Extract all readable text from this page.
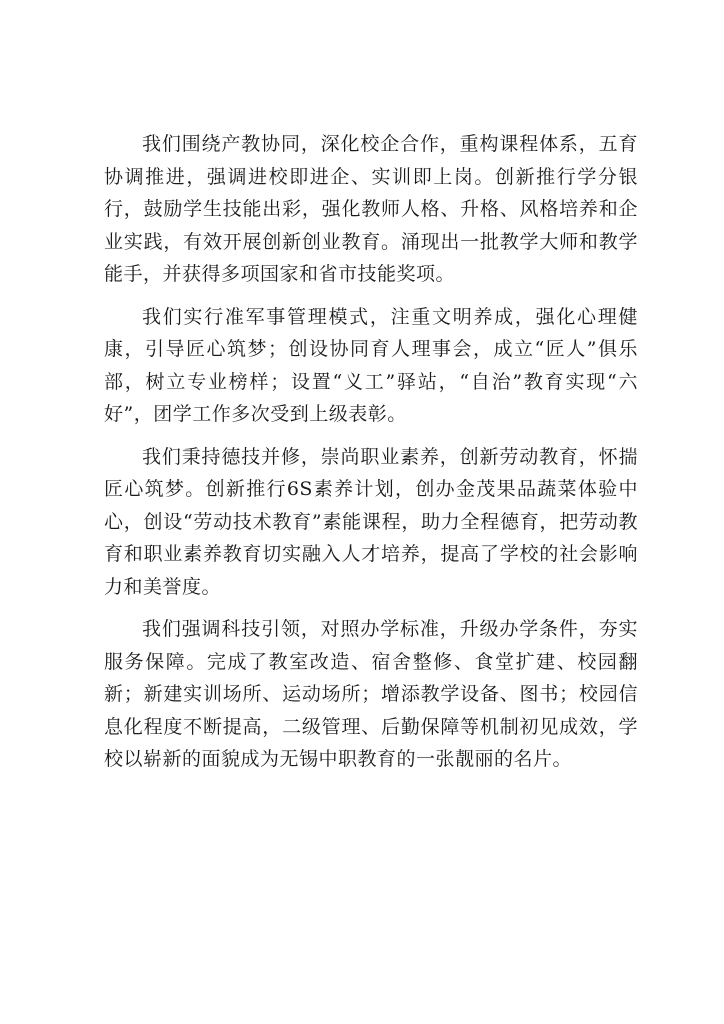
我们围绕产教协同，深化校企合作，重构课程体系，五育协调推进，强调进校即进企、实训即上岗。创新推行学分银行，鼓励学生技能出彩，强化教师人格、升格、风格培养和企业实践，有效开展创新创业教育。涌现出一批教学大师和教学能手，并获得多项国家和省市技能奖项。

我们实行准军事管理模式，注重文明养成，强化心理健康，引导匠心筑梦；创设协同育人理事会，成立“匠人”俱乐部，树立专业榜样；设置“义工”驿站，“自治”教育实现“六好”，团学工作多次受到上级表彰。

我们秉持德技并修，崇尚职业素养，创新劳动教育，怀揣匠心筑梦。创新推行6S素养计划，创办金茂果品蔬菜体验中心，创设“劳动技术教育”素能课程，助力全程德育，把劳动教育和职业素养教育切实融入人才培养，提高了学校的社会影响力和美誉度。

我们强调科技引领，对照办学标准，升级办学条件，夯实服务保障。完成了教室改造、宿舍整修、食堂扩建、校园翻新；新建实训场所、运动场所；增添教学设备、图书；校园信息化程度不断提高，二级管理、后勤保障等机制初见成效，学校以崭新的面貌成为无锡中职教育的一张靓丽的名片。
